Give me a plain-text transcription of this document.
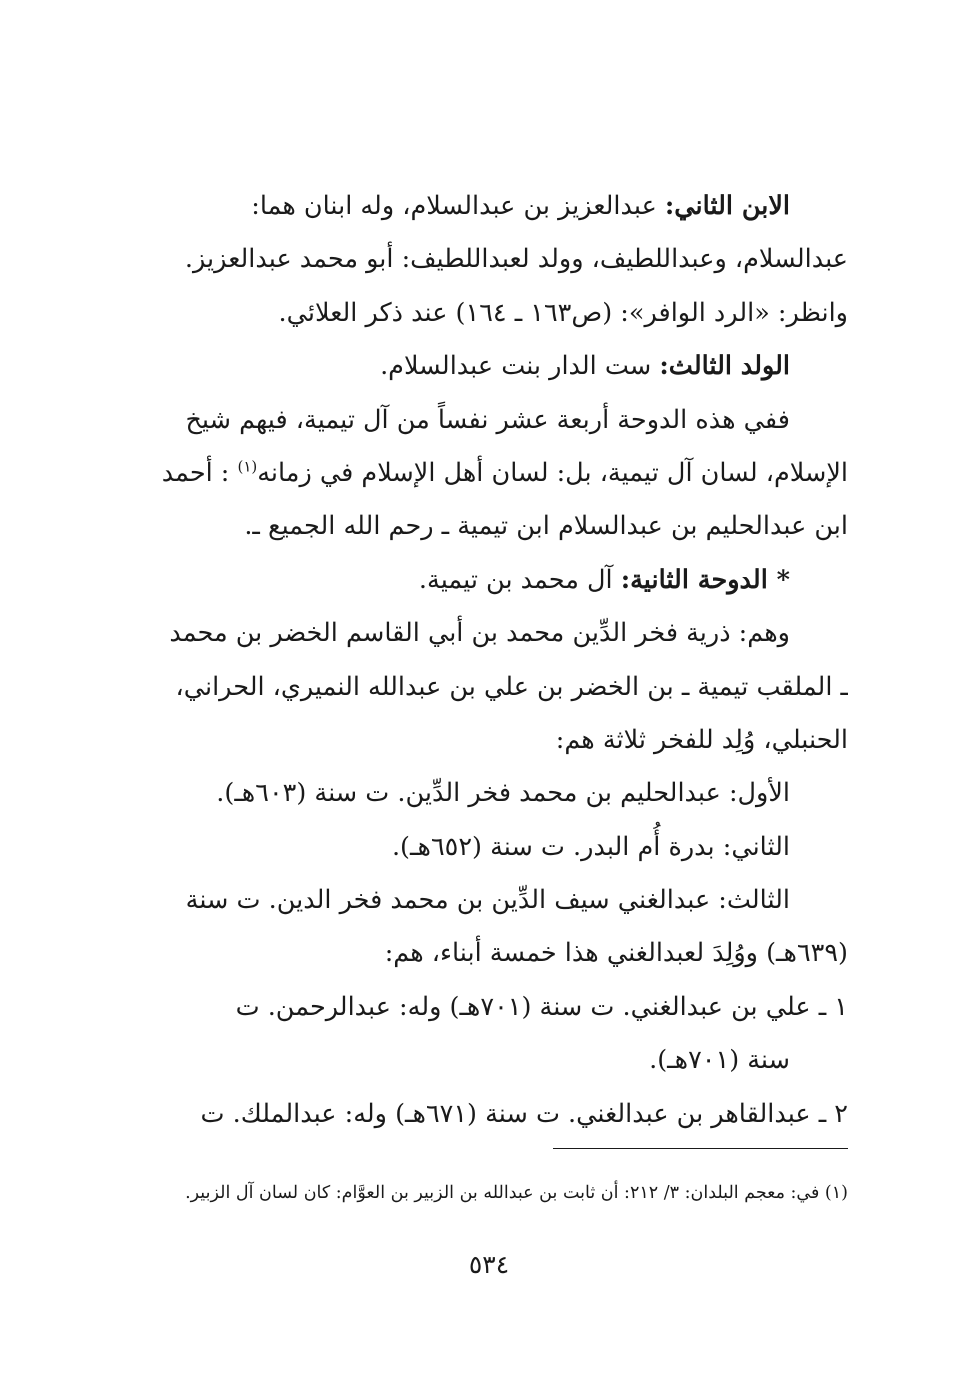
الابن الثاني: عبدالعزيز بن عبدالسلام، وله ابنان هما:
عبدالسلام، وعبداللطيف، وولد لعبداللطيف: أبو محمد عبدالعزيز.
وانظر: «الرد الوافر»: (ص١٦٣ ـ ١٦٤) عند ذكر العلائي.
الولد الثالث: ست الدار بنت عبدالسلام.
ففي هذه الدوحة أربعة عشر نفساً من آل تيمية، فيهم شيخ
الإسلام، لسان آل تيمية، بل: لسان أهل الإسلام في زمانه$^{(١)}$ : أحمد
ابن عبدالحليم بن عبدالسلام ابن تيمية ـ رحم الله الجميع ـ.
* الدوحة الثانية: آل محمد بن تيمية.
وهم: ذرية فخر الدِّين محمد بن أبي القاسم الخضر بن محمد
ـ الملقب تيمية ـ بن الخضر بن علي بن عبدالله النميري، الحراني،
الحنبلي، وُلِد للفخر ثلاثة هم:
الأول: عبدالحليم بن محمد فخر الدِّين. ت سنة (٦٠٣هـ).
الثاني: بدرة أُم البدر. ت سنة (٦٥٢هـ).
الثالث: عبدالغني سيف الدِّين بن محمد فخر الدين. ت سنة
(٦٣٩هـ) ووُلِدَ لعبدالغني هذا خمسة أبناء، هم:
١ ـ علي بن عبدالغني. ت سنة (٧٠١هـ) وله: عبدالرحمن. ت
سنة (٧٠١هـ).
٢ ـ عبدالقاهر بن عبدالغني. ت سنة (٦٧١هـ) وله: عبدالملك. ت
(١) في: معجم البلدان: ٣/ ٢١٢: أن ثابت بن عبدالله بن الزبير بن العوَّام: كان لسان آل الزبير.
٥٣٤
